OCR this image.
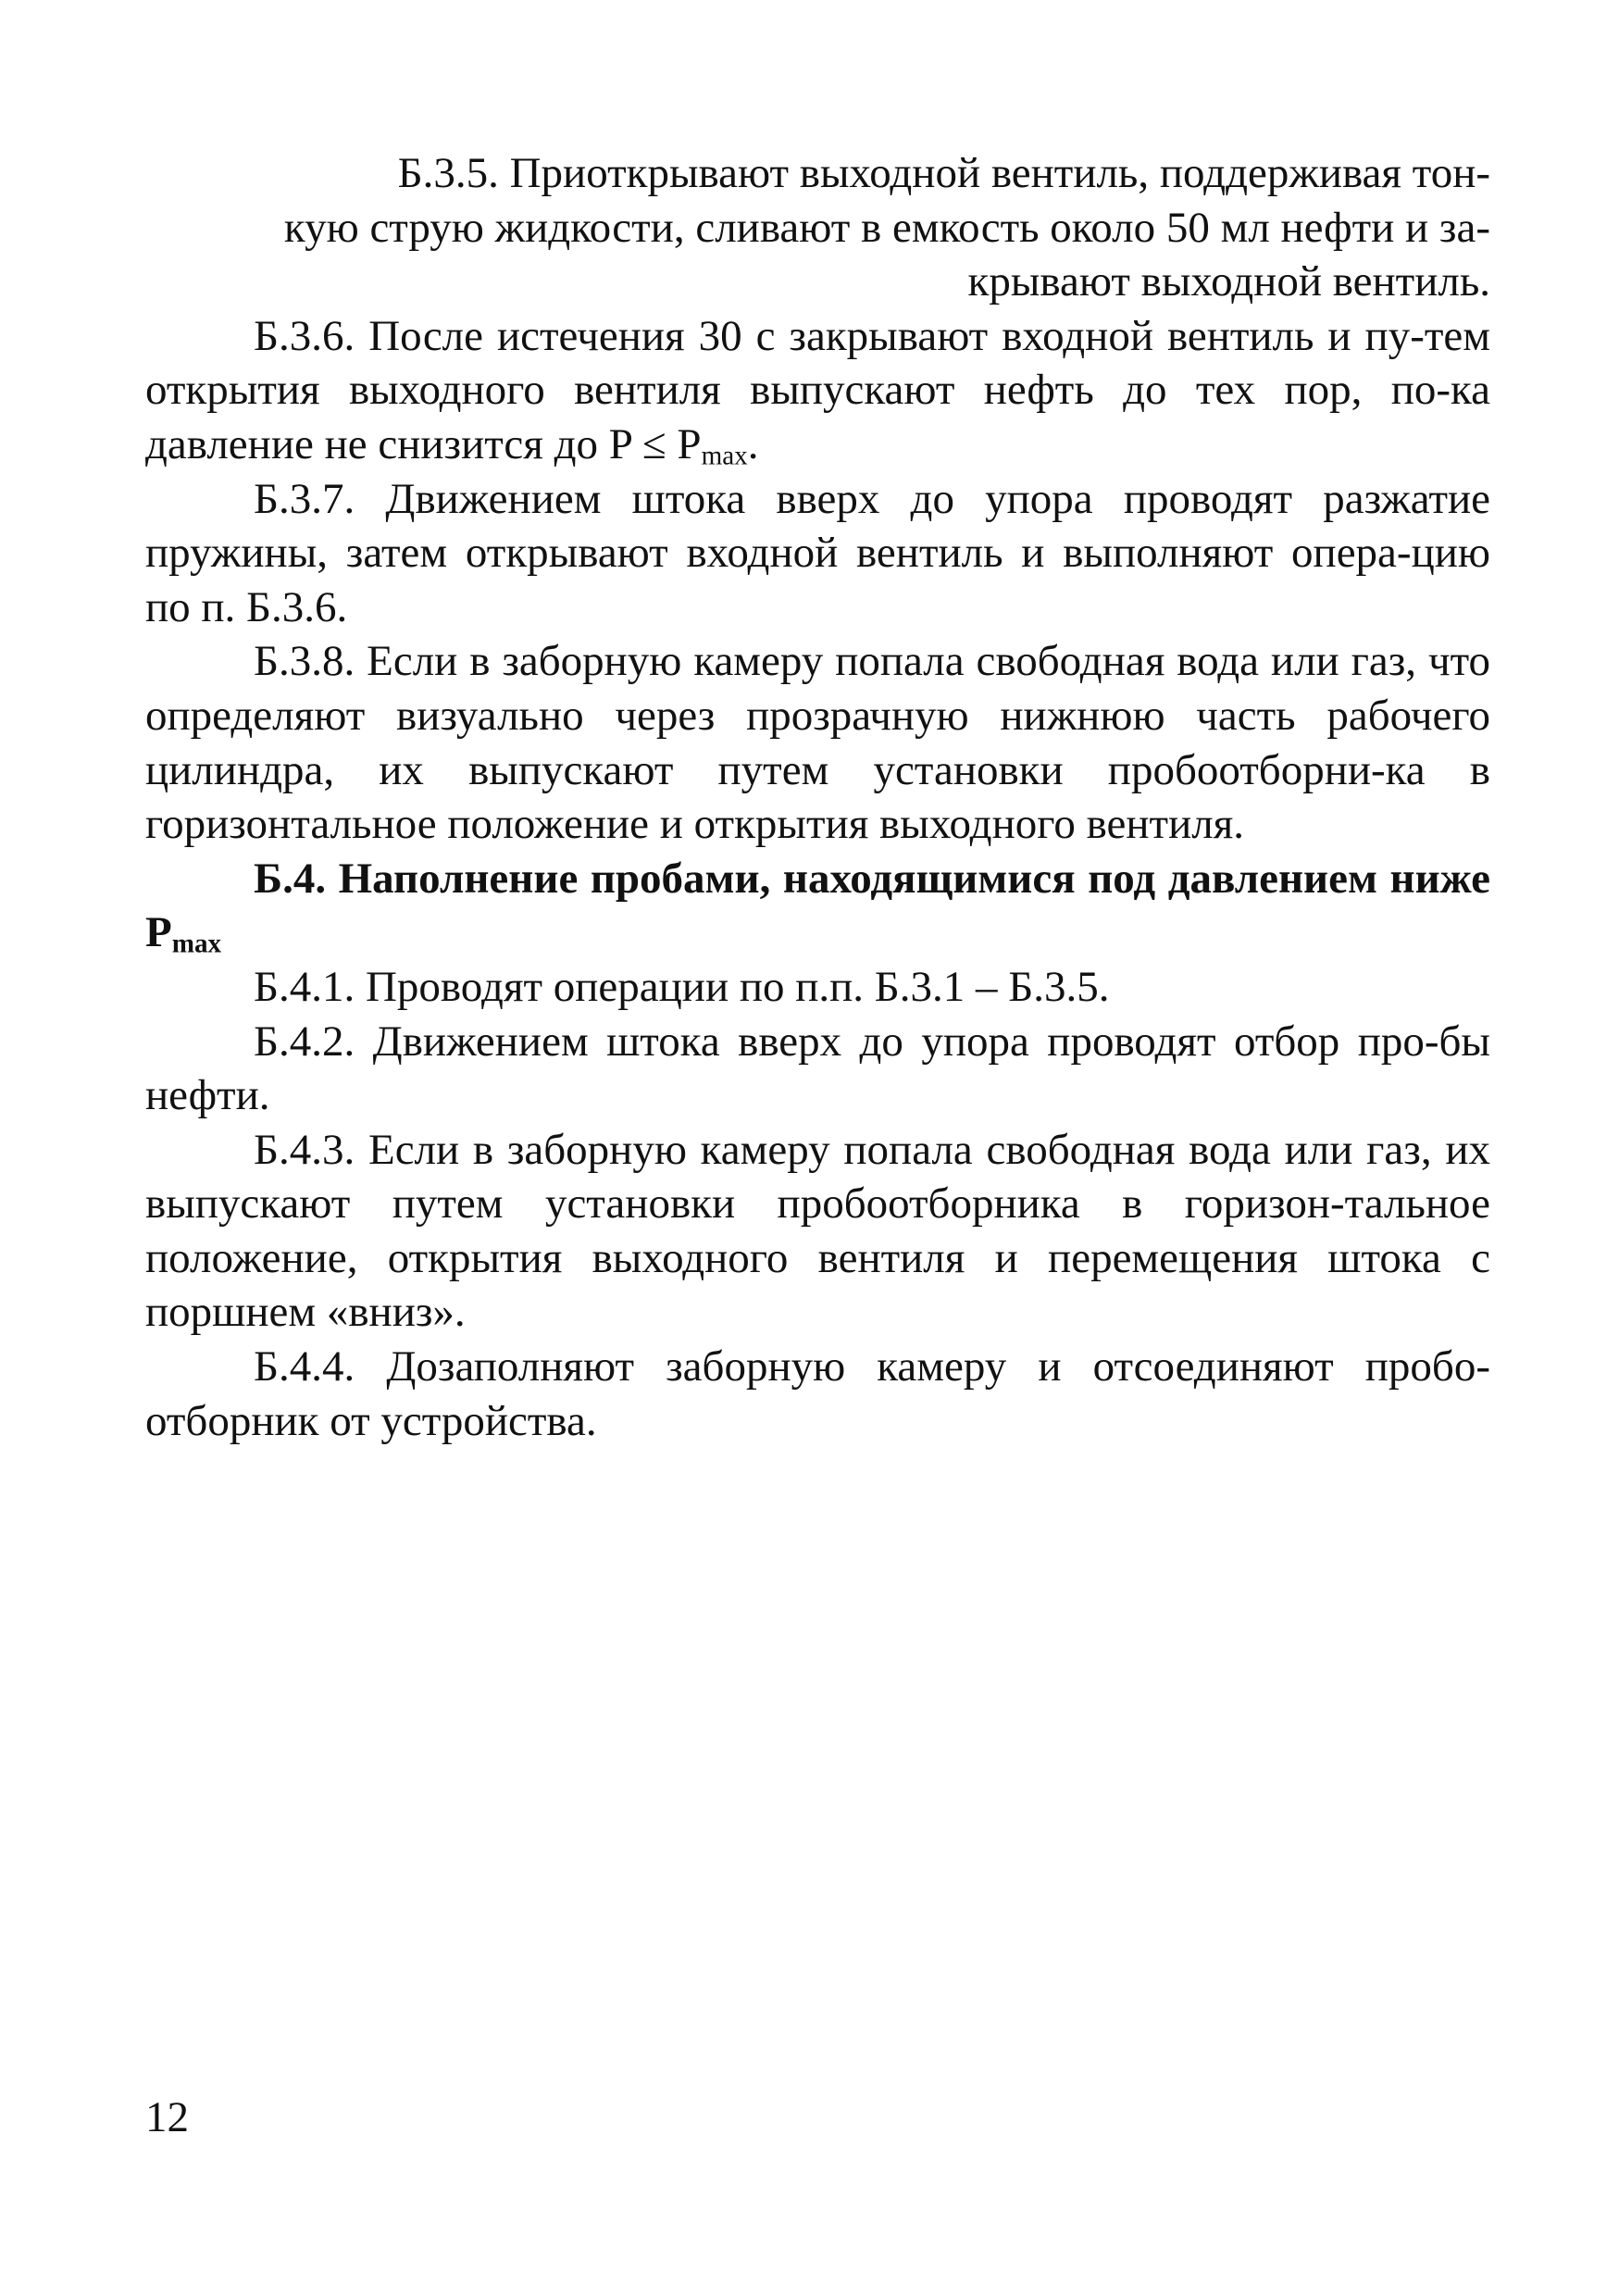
Б.3.5. Приоткрывают выходной вентиль, поддерживая тон-
кую струю жидкости, сливают в емкость около 50 мл нефти и за-
крывают выходной вентиль.

Б.3.6. После истечения 30 с закрывают входной вентиль и пу-тем открытия выходного вентиля выпускают нефть до тех пор, по-ка давление не снизится до $P \le P_{max}$.

Б.3.7. Движением штока вверх до упора проводят разжатие пружины, затем открывают входной вентиль и выполняют опера-цию по п. Б.3.6.

Б.3.8. Если в заборную камеру попала свободная вода или газ, что определяют визуально через прозрачную нижнюю часть рабочего цилиндра, их выпускают путем установки пробоотборни-ка в горизонтальное положение и открытия выходного вентиля.

Б.4. Наполнение пробами, находящимися под давлением ниже $P_{max}$

Б.4.1. Проводят операции по п.п. Б.3.1 – Б.3.5.

Б.4.2. Движением штока вверх до упора проводят отбор про-бы нефти.

Б.4.3. Если в заборную камеру попала свободная вода или газ, их выпускают путем установки пробоотборника в горизон-тальное положение, открытия выходного вентиля и перемещения штока с поршнем «вниз».

Б.4.4. Дозаполняют заборную камеру и отсоединяют пробо-отборник от устройства.

12
